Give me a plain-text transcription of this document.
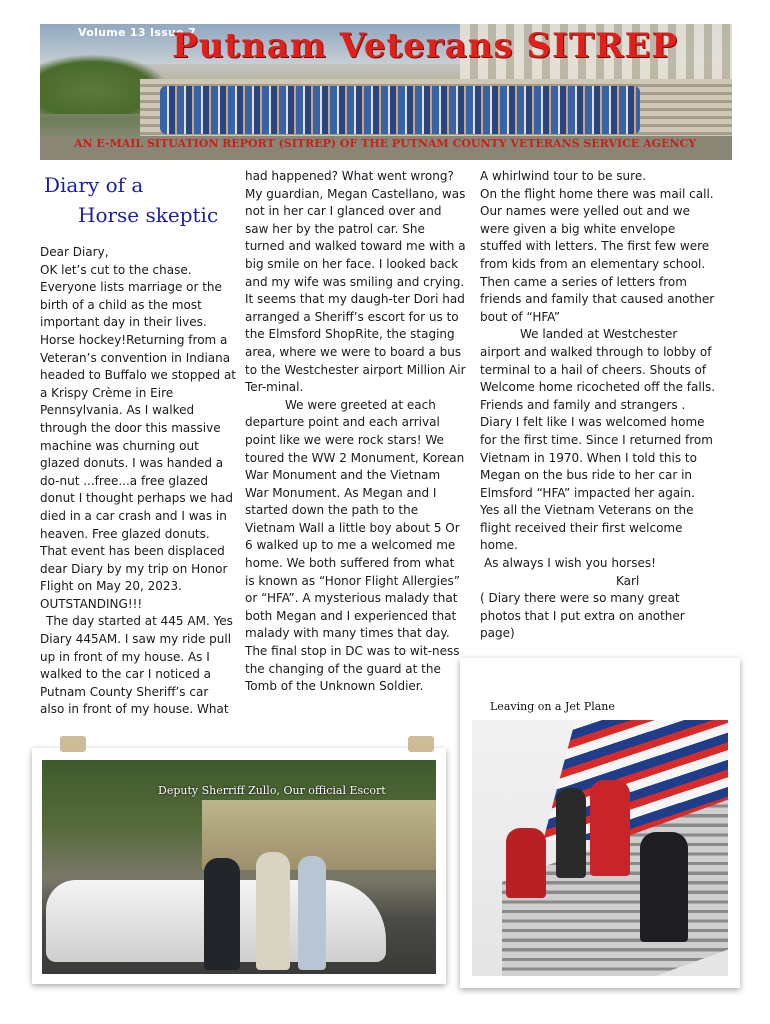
Volume 13 Issue 7
Putnam Veterans SITREP
AN E-MAIL SITUATION REPORT (SITREP) OF THE PUTNAM COUNTY VETERANS SERVICE AGENCY
Diary of a
Horse skeptic

Dear Diary,

OK let’s cut to the chase. Everyone lists marriage or the birth of a child as the most important day in their lives. Horse hockey!Returning from a Veteran’s convention in Indiana headed to Buffalo we stopped at a Krispy Crème in Eire Pennsylvania. As I walked through the door this massive machine was churning out glazed donuts. I was handed a do-nut ...free...a free glazed donut I thought perhaps we had died in a car crash and I was in heaven. Free glazed donuts. That event has been displaced dear Diary by my trip on Honor Flight on May 20, 2023. OUTSTANDING!!!

The day started at 445 AM. Yes Diary 445AM. I saw my ride pull up in front of my house. As I walked to the car I noticed a Putnam County Sheriff’s car also in front of my house. What

had happened? What went wrong? My guardian, Megan Castellano, was not in her car I glanced over and saw her by the patrol car. She turned and walked toward me with a big smile on her face. I looked back and my wife was smiling and crying. It seems that my daugh-ter Dori had arranged a Sheriff’s escort for us to the Elmsford ShopRite, the staging area, where we were to board a bus to the Westchester airport Million Air Ter-minal.

We were greeted at each departure point and each arrival point like we were rock stars! We toured the WW 2 Monument, Korean War Monument and the Vietnam War Monument. As Megan and I started down the path to the Vietnam Wall a little boy about 5 Or 6 walked up to me a welcomed me home. We both suffered from what is known as “Honor Flight Allergies” or “HFA”. A mysterious malady that both Megan and I experienced that malady with many times that day. The final stop in DC was to wit-ness the changing of the guard at the Tomb of the Unknown Soldier.

A whirlwind tour to be sure.

On the flight home there was mail call. Our names were yelled out and we were given a big white envelope stuffed with letters. The first few were from kids from an elementary school. Then came a series of letters from friends and family that caused another bout of “HFA”

We landed at Westchester airport and walked through to lobby of terminal to a hail of cheers. Shouts of Welcome home ricocheted off the falls. Friends and family and strangers . Diary I felt like I was welcomed home for the first time. Since I returned from Vietnam in 1970. When I told this to Megan on the bus ride to her car in Elmsford “HFA” impacted her again. Yes all the Vietnam Veterans on the flight received their first welcome home.

As always I wish you horses!

Karl

( Diary there were so many great photos that I put extra on another page)

Deputy Sherriff Zullo, Our official Escort
Leaving on a Jet Plane
